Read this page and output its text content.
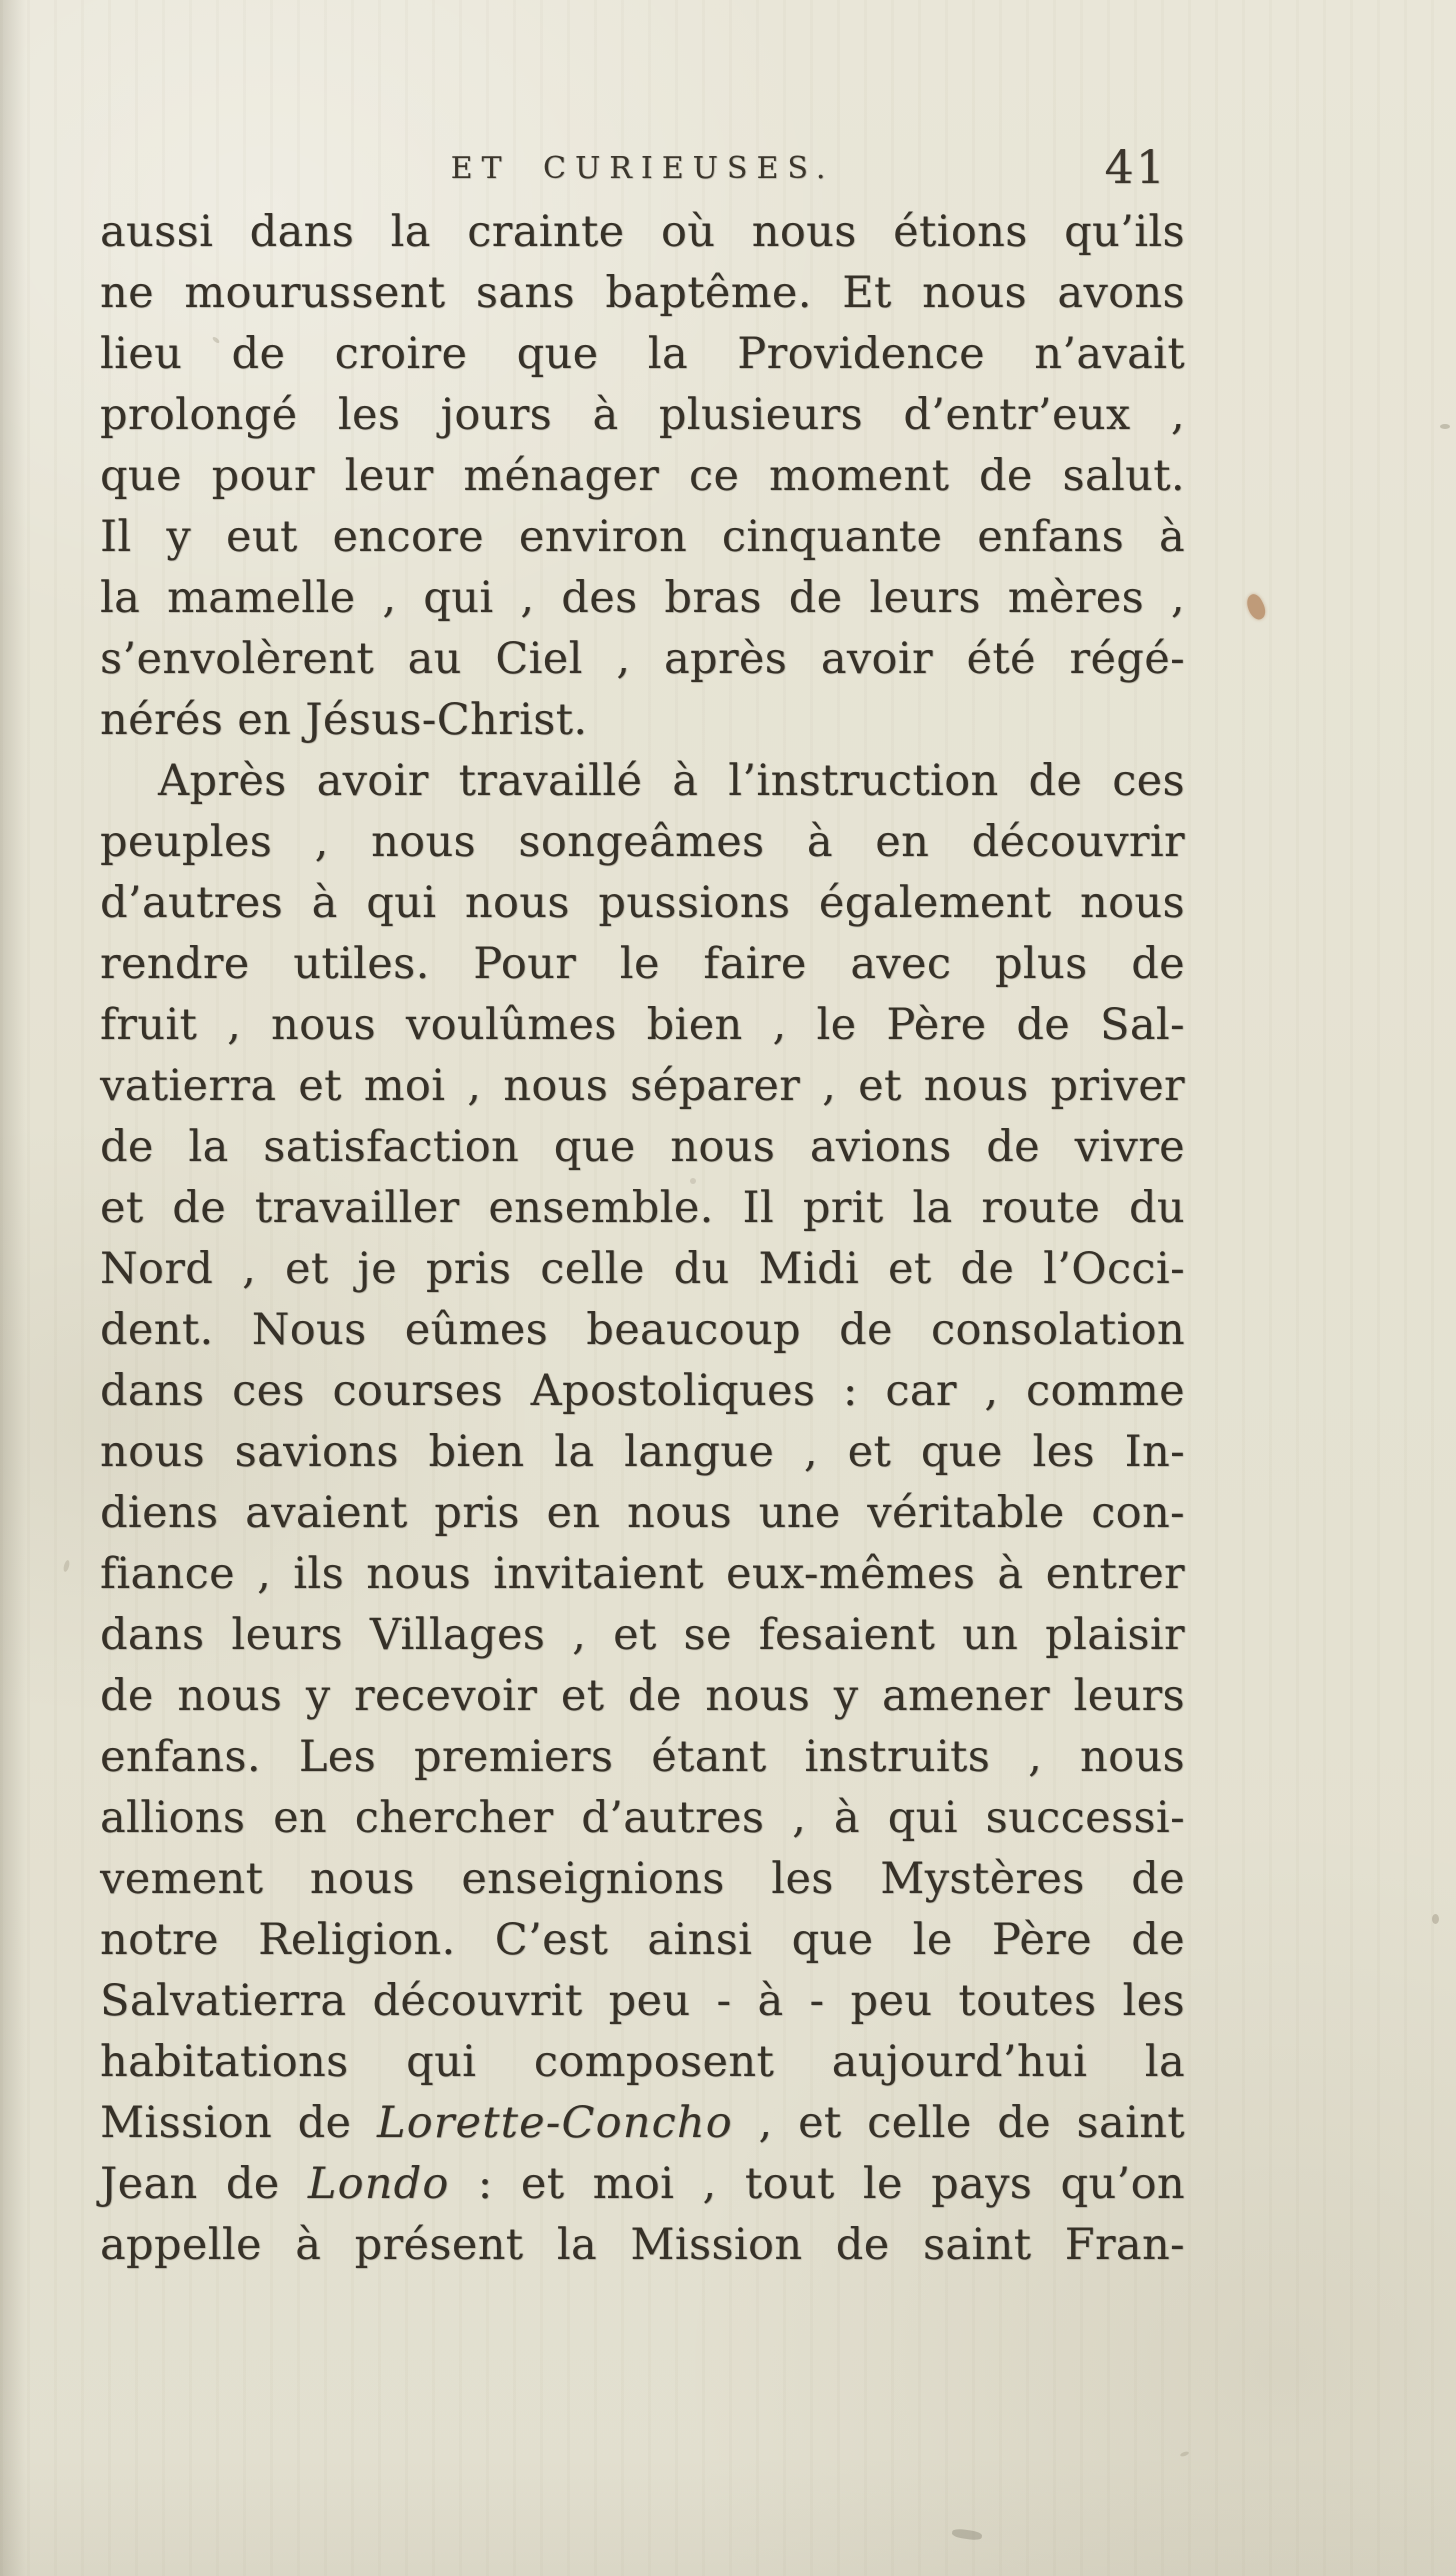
ET CURIEUSES.	41
aussi dans la crainte où nous étions qu’ils
ne mourussent sans baptême. Et nous avons
lieu de croire que la Providence n’avait
prolongé les jours à plusieurs d’entr’eux ,
que pour leur ménager ce moment de salut.
Il y eut encore environ cinquante enfans à
la mamelle , qui , des bras de leurs mères ,
s’envolèrent au Ciel , après avoir été régé-
nérés en Jésus-Christ.
Après avoir travaillé à l’instruction de ces
peuples , nous songeâmes à en découvrir
d’autres à qui nous pussions également nous
rendre utiles. Pour le faire avec plus de
fruit , nous voulûmes bien , le Père de Sal-
vatierra et moi , nous séparer , et nous priver
de la satisfaction que nous avions de vivre
et de travailler ensemble. Il prit la route du
Nord , et je pris celle du Midi et de l’Occi-
dent. Nous eûmes beaucoup de consolation
dans ces courses Apostoliques : car , comme
nous savions bien la langue , et que les In-
diens avaient pris en nous une véritable con-
fiance , ils nous invitaient eux-mêmes à entrer
dans leurs Villages , et se fesaient un plaisir
de nous y recevoir et de nous y amener leurs
enfans. Les premiers étant instruits , nous
allions en chercher d’autres , à qui successi-
vement nous enseignions les Mystères de
notre Religion. C’est ainsi que le Père de
Salvatierra découvrit peu - à - peu toutes les
habitations qui composent aujourd’hui la
Mission de Lorette-Concho , et celle de saint
Jean de Londo : et moi , tout le pays qu’on
appelle à présent la Mission de saint Fran-
